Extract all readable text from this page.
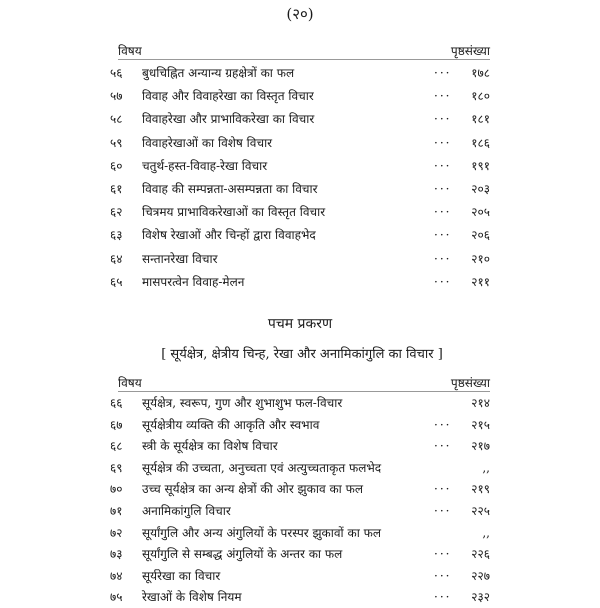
(२०)
विषय	पृष्ठसंख्या
५६	बुधचिह्नित अन्यान्य ग्रहक्षेत्रों का फल	··· १७८
५७	विवाह और विवाहरेखा का विस्तृत विचार	··· १८०
५८	विवाहरेखा और प्राभाविकरेखा का विचार	··· १८१
५९	विवाहरेखाओं का विशेष विचार	··· १८६
६०	चतुर्थ-हस्त-विवाह-रेखा विचार	··· १९१
६१	विवाह की सम्पन्नता-असम्पन्नता का विचार	··· २०३
६२	चित्रमय प्राभाविकरेखाओं का विस्तृत विचार	··· २०५
६३	विशेष रेखाओं और चिन्हों द्वारा विवाहभेद	··· २०६
६४	सन्तानरेखा विचार	··· २१०
६५	मासपरत्वेन विवाह-मेलन	··· २११
पचम प्रकरण
[ सूर्यक्षेत्र, क्षेत्रीय चिन्ह, रेखा और अनामिकांगुलि का विचार ]
विषय	पृष्ठसंख्या
६६	सूर्यक्षेत्र, स्वरूप, गुण और शुभाशुभ फल-विचार	२१४
६७	सूर्यक्षेत्रीय व्यक्ति की आकृति और स्वभाव	··· २१५
६८	स्त्री के सूर्यक्षेत्र का विशेष विचार	··· २१७
६९	सूर्यक्षेत्र की उच्चता, अनुच्चता एवं अत्युच्चताकृत फलभेद	,,
७०	उच्च सूर्यक्षेत्र का अन्य क्षेत्रों की ओर झुकाव का फल	··· २१९
७१	अनामिकांगुलि विचार	··· २२५
७२	सूर्यांगुलि और अन्य अंगुलियों के परस्पर झुकावों का फल	,,
७३	सूर्यांगुलि से सम्बद्ध अंगुलियों के अन्तर का फल	··· २२६
७४	सूर्यरेखा का विचार	··· २२७
७५	रेखाओं के विशेष नियम	··· २३२
